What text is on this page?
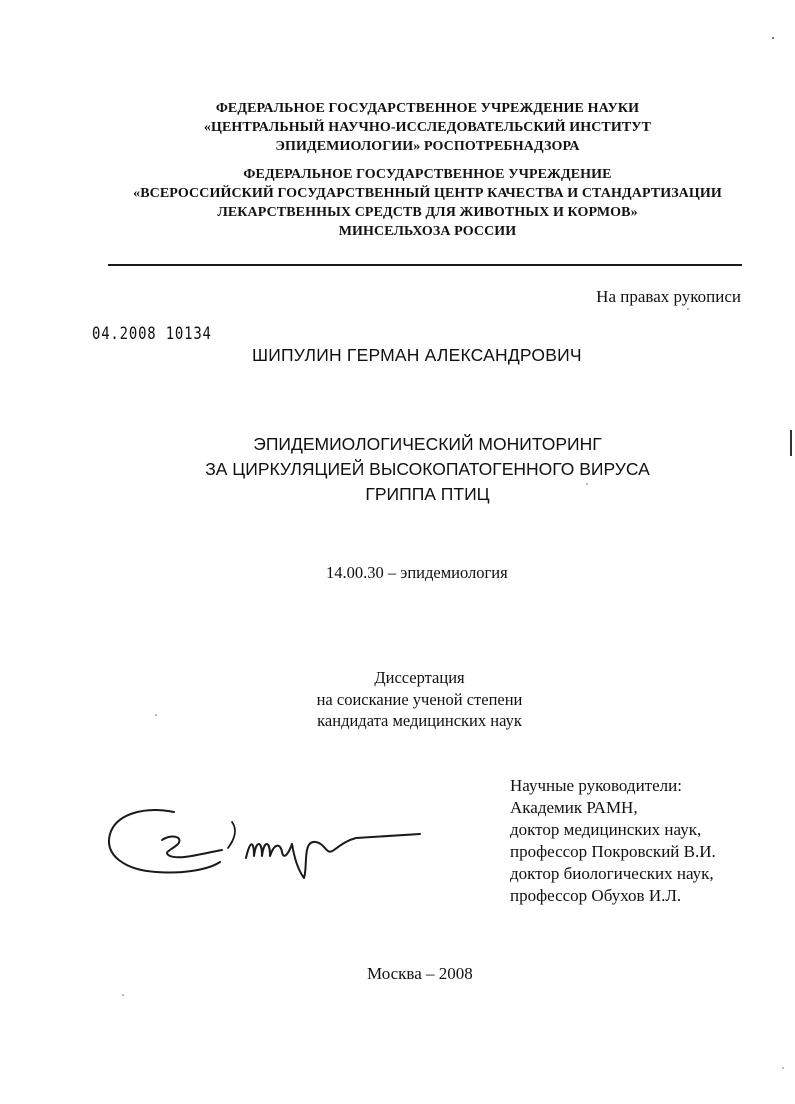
ФЕДЕРАЛЬНОЕ ГОСУДАРСТВЕННОЕ УЧРЕЖДЕНИЕ НАУКИ
«ЦЕНТРАЛЬНЫЙ НАУЧНО-ИССЛЕДОВАТЕЛЬСКИЙ ИНСТИТУТ
ЭПИДЕМИОЛОГИИ» РОСПОТРЕБНАДЗОРА
ФЕДЕРАЛЬНОЕ ГОСУДАРСТВЕННОЕ УЧРЕЖДЕНИЕ
«ВСЕРОССИЙСКИЙ ГОСУДАРСТВЕННЫЙ ЦЕНТР КАЧЕСТВА И СТАНДАРТИЗАЦИИ
ЛЕКАРСТВЕННЫХ СРЕДСТВ ДЛЯ ЖИВОТНЫХ И КОРМОВ»
МИНСЕЛЬХОЗА РОССИИ
На правах рукописи
04.2008 10134
ШИПУЛИН ГЕРМАН АЛЕКСАНДРОВИЧ
ЭПИДЕМИОЛОГИЧЕСКИЙ МОНИТОРИНГ
ЗА ЦИРКУЛЯЦИЕЙ ВЫСОКОПАТОГЕННОГО ВИРУСА
ГРИППА ПТИЦ
14.00.30 – эпидемиология
Диссертация
на соискание ученой степени
кандидата медицинских наук
Научные руководители:
Академик РАМН,
доктор медицинских наук,
профессор Покровский В.И.
доктор биологических наук,
профессор Обухов И.Л.
Москва – 2008
